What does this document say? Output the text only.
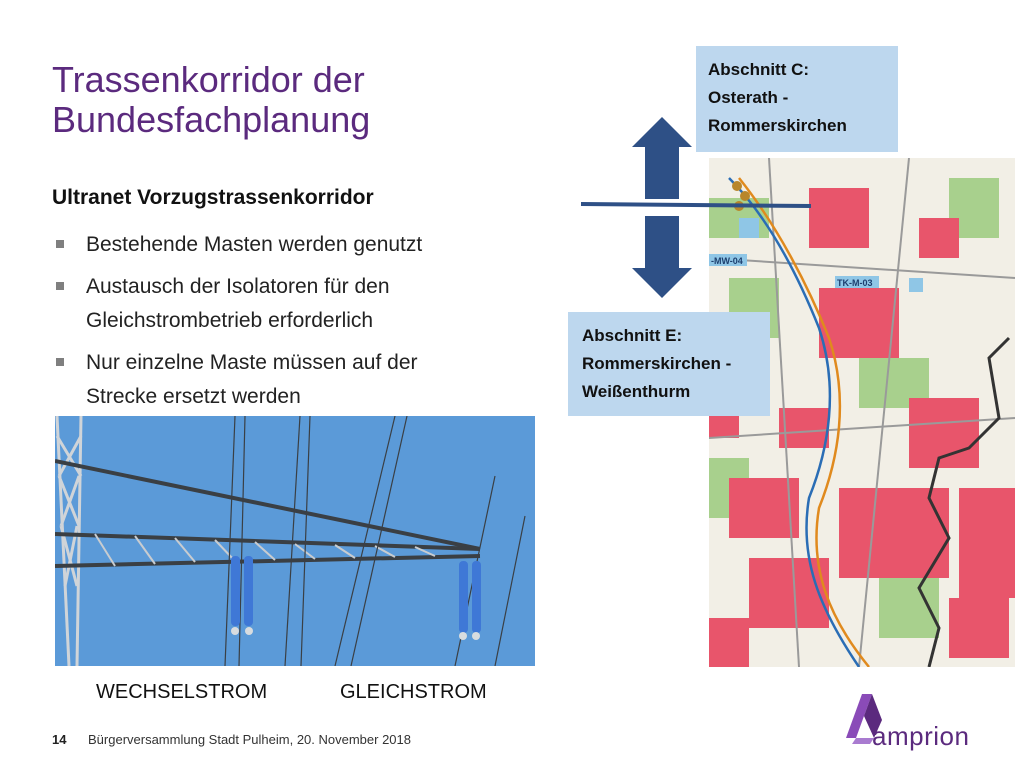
Trassenkorridor der
Bundesfachplanung
Ultranet Vorzugstrassenkorridor
Bestehende Masten werden genutzt
Austausch der Isolatoren für den Gleichstrombetrieb erforderlich
Nur einzelne Maste müssen auf der Strecke ersetzt werden
WECHSELSTROM	GLEICHSTROM
-MW-04
TK-M-03
Abschnitt C:
Osterath -
Rommerskirchen
Abschnitt E:
Rommerskirchen -
Weißenthurm
14 Bürgerversammlung Stadt Pulheim, 20. November 2018	amprion
